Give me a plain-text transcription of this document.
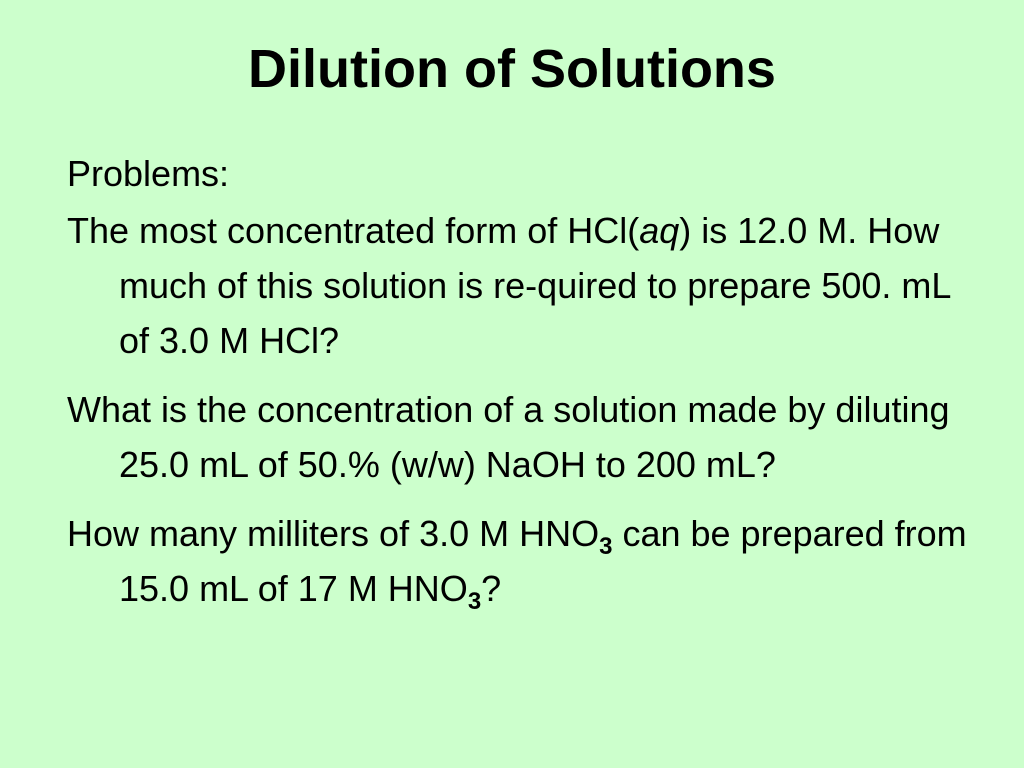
Dilution of Solutions
Problems:
The most concentrated form of HCl(aq) is 12.0 M. How much of this solution is re-quired to prepare 500. mL of 3.0 M HCl?
What is the concentration of a solution made by diluting 25.0 mL of 50.% (w/w) NaOH to 200 mL?
How many milliters of 3.0 M $HNO_3$ can be prepared from 15.0 mL of 17 M $HNO_3$?
